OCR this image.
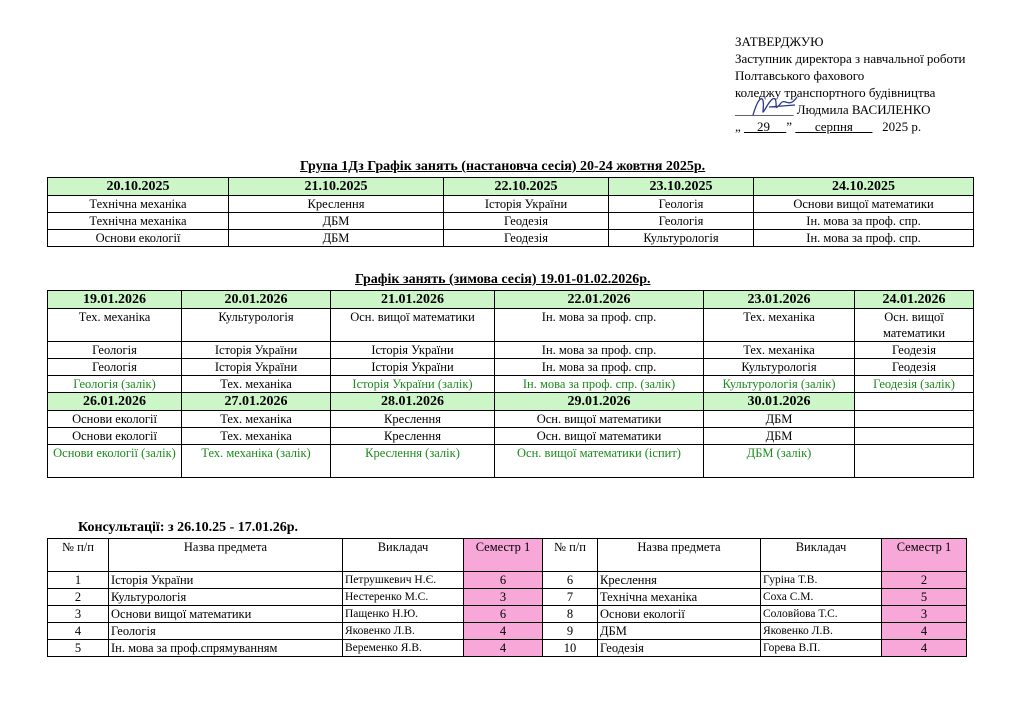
ЗАТВЕРДЖУЮ
Заступник директора з навчальної роботи
Полтавського фахового
коледжу транспортного будівництва
_________ Людмила ВАСИЛЕНКО
„ 29 ” серпня 2025 р.
Група 1Дз Графік занять (настановча сесія) 20-24 жовтня 2025р.
20.10.2025	21.10.2025	22.10.2025	23.10.2025	24.10.2025
Технічна механіка	Креслення	Історія України	Геологія	Основи вищої математики
Технічна механіка	ДБМ	Геодезія	Геологія	Ін. мова за проф. спр.
Основи екології	ДБМ	Геодезія	Культурологія	Ін. мова за проф. спр.
Графік занять (зимова сесія) 19.01-01.02.2026р.
19.01.2026	20.01.2026	21.01.2026	22.01.2026	23.01.2026	24.01.2026
Тех. механіка	Культурологія	Осн. вищої математики	Ін. мова за проф. спр.	Тех. механіка	Осн. вищої математики
Геологія	Історія України	Історія України	Ін. мова за проф. спр.	Тех. механіка	Геодезія
Геологія	Історія України	Історія України	Ін. мова за проф. спр.	Культурологія	Геодезія
Геологія (залік)	Тех. механіка	Історія України (залік)	Ін. мова за проф. спр. (залік)	Культурологія (залік)	Геодезія (залік)
26.01.2026	27.01.2026	28.01.2026	29.01.2026	30.01.2026	
Основи екології	Тех. механіка	Креслення	Осн. вищої математики	ДБМ	
Основи екології	Тех. механіка	Креслення	Осн. вищої математики	ДБМ	
Основи екології (залік)	Тех. механіка (залік)	Креслення (залік)	Осн. вищої математики (іспит)	ДБМ (залік)	
Консультації: з 26.10.25 - 17.01.26р.
№ п/п	Назва предмета	Викладач	Семестр 1	№ п/п	Назва предмета	Викладач	Семестр 1
1	Історія України	Петрушкевич Н.Є.	6	6	Креслення	Гурiна Т.В.	2
2	Культурологія	Нестеренко М.С.	3	7	Технічна механіка	Соха С.М.	5
3	Основи вищої математики	Пащенко Н.Ю.	6	8	Основи екології	Соловйова Т.С.	3
4	Геологія	Яковенко Л.В.	4	9	ДБМ	Яковенко Л.В.	4
5	Ін. мова за проф.спрямуванням	Веременко Я.В.	4	10	Геодезія	Горева В.П.	4
